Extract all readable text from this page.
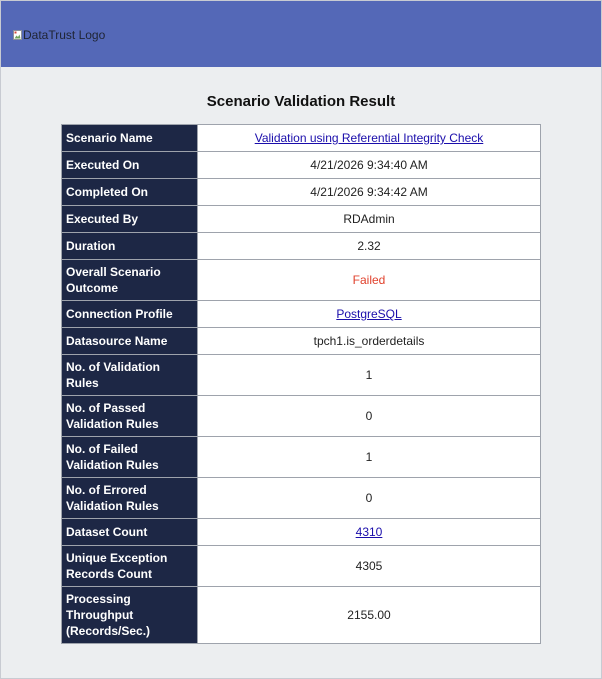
DataTrust Logo
Scenario Validation Result
Scenario Name	Validation using Referential Integrity Check
Executed On	4/21/2026 9:34:40 AM
Completed On	4/21/2026 9:34:42 AM
Executed By	RDAdmin
Duration	2.32
Overall Scenario Outcome	Failed
Connection Profile	PostgreSQL
Datasource Name	tpch1.is_orderdetails
No. of Validation Rules	1
No. of Passed Validation Rules	0
No. of Failed Validation Rules	1
No. of Errored Validation Rules	0
Dataset Count	4310
Unique Exception Records Count	4305
Processing Throughput (Records/Sec.)	2155.00
